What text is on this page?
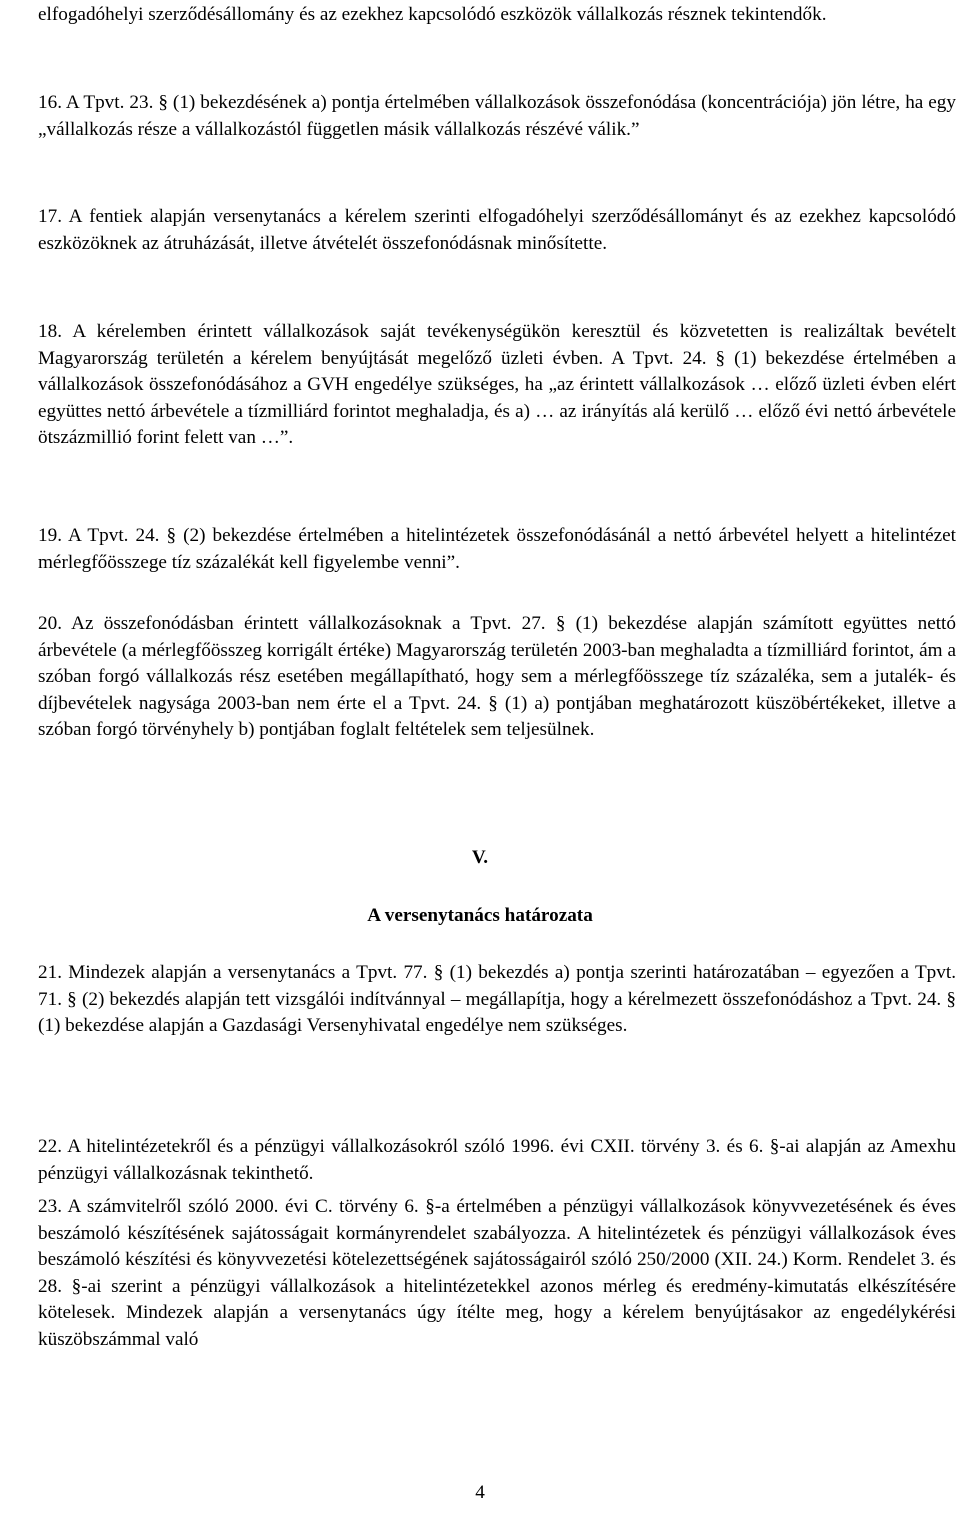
elfogadóhelyi szerződésállomány és az ezekhez kapcsolódó eszközök vállalkozás résznek tekintendők.

16. A Tpvt. 23. § (1) bekezdésének a) pontja értelmében vállalkozások összefonódása (koncentrációja) jön létre, ha egy „vállalkozás része a vállalkozástól független másik vállalkozás részévé válik.”

17. A fentiek alapján versenytanács a kérelem szerinti elfogadóhelyi szerződésállományt és az ezekhez kapcsolódó eszközöknek az átruházását, illetve átvételét összefonódásnak minősítette.

18. A kérelemben érintett vállalkozások saját tevékenységükön keresztül és közvetetten is realizáltak bevételt Magyarország területén a kérelem benyújtását megelőző üzleti évben. A Tpvt. 24. § (1) bekezdése értelmében a vállalkozások összefonódásához a GVH engedélye szükséges, ha „az érintett vállalkozások … előző üzleti évben elért együttes nettó árbevétele a tízmilliárd forintot meghaladja, és a) … az irányítás alá kerülő … előző évi nettó árbevétele ötszázmillió forint felett van …”.

19. A Tpvt. 24. § (2) bekezdése értelmében a hitelintézetek összefonódásánál a nettó árbevétel helyett a hitelintézet mérlegfőösszege tíz százalékát kell figyelembe venni”.

20. Az összefonódásban érintett vállalkozásoknak a Tpvt. 27. § (1) bekezdése alapján számított együttes nettó árbevétele (a mérlegfőösszeg korrigált értéke) Magyarország területén 2003-ban meghaladta a tízmilliárd forintot, ám a szóban forgó vállalkozás rész esetében megállapítható, hogy sem a mérlegfőösszege tíz százaléka, sem a jutalék- és díjbevételek nagysága 2003-ban nem érte el a Tpvt. 24. § (1) a) pontjában meghatározott küszöbértékeket, illetve a szóban forgó törvényhely b) pontjában foglalt feltételek sem teljesülnek.

V.

A versenytanács határozata

21. Mindezek alapján a versenytanács a Tpvt. 77. § (1) bekezdés a) pontja szerinti határozatában – egyezően a Tpvt. 71. § (2) bekezdés alapján tett vizsgálói indítvánnyal – megállapítja, hogy a kérelmezett összefonódáshoz a Tpvt. 24. § (1) bekezdése alapján a Gazdasági Versenyhivatal engedélye nem szükséges.

22. A hitelintézetekről és a pénzügyi vállalkozásokról szóló 1996. évi CXII. törvény 3. és 6. §-ai alapján az Amexhu pénzügyi vállalkozásnak tekinthető.

23. A számvitelről szóló 2000. évi C. törvény 6. §-a értelmében a pénzügyi vállalkozások könyvvezetésének és éves beszámoló készítésének sajátosságait kormányrendelet szabályozza. A hitelintézetek és pénzügyi vállalkozások éves beszámoló készítési és könyvvezetési kötelezettségének sajátosságairól szóló 250/2000 (XII. 24.) Korm. Rendelet 3. és 28. §-ai szerint a pénzügyi vállalkozások a hitelintézetekkel azonos mérleg és eredmény-kimutatás elkészítésére kötelesek. Mindezek alapján a versenytanács úgy ítélte meg, hogy a kérelem benyújtásakor az engedélykérési küszöbszámmal való

4
